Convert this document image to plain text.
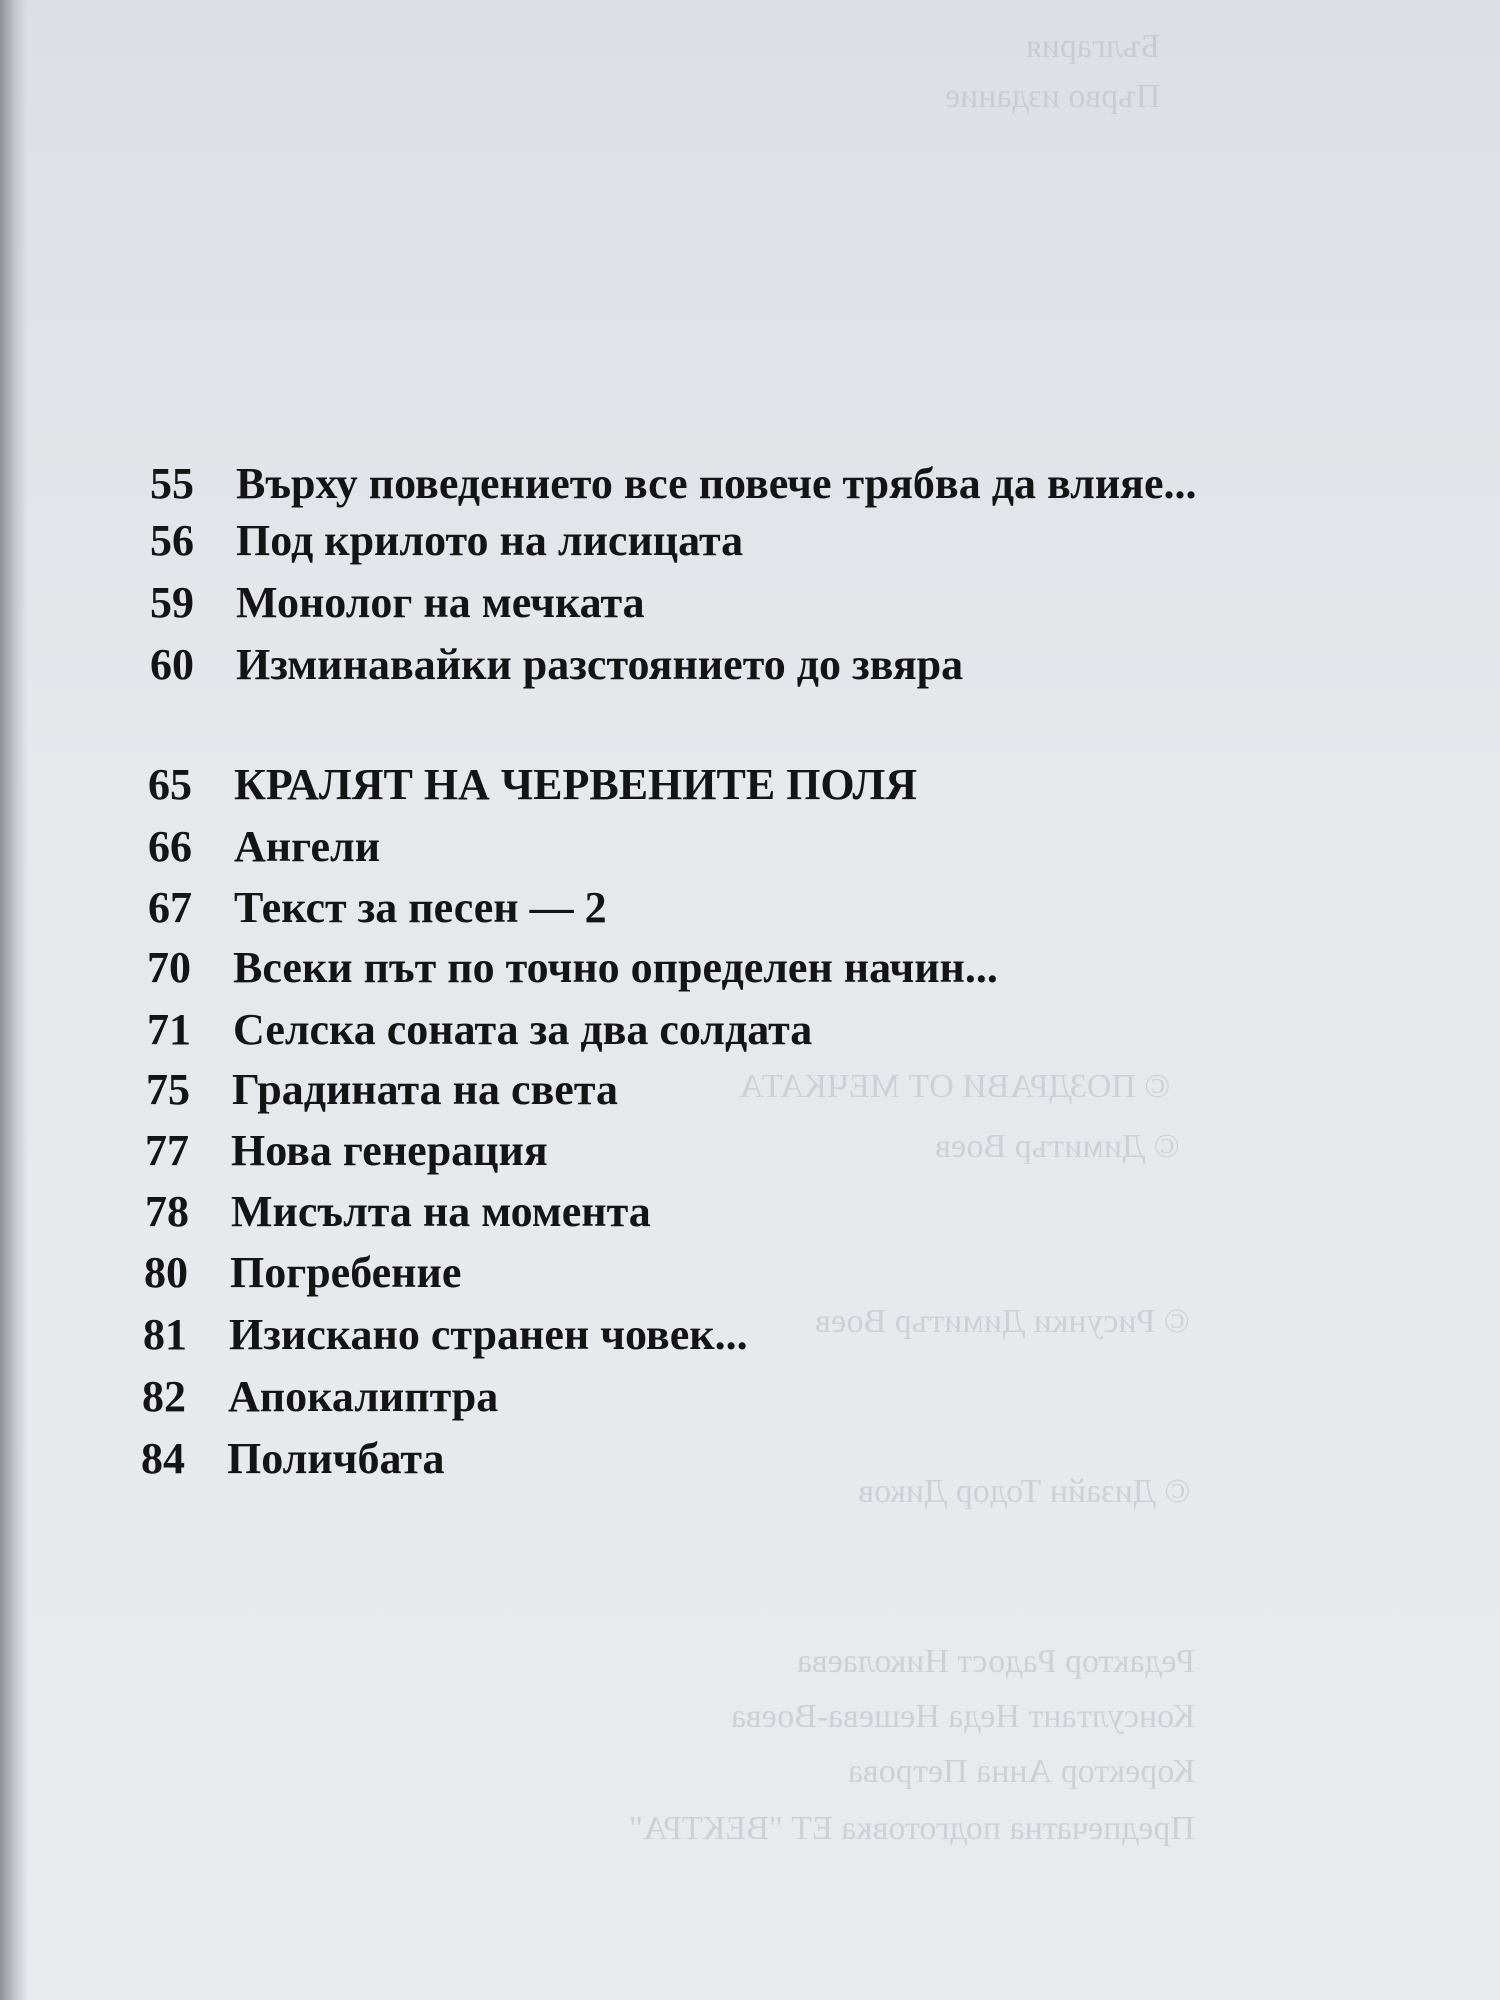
България
Първо издание
© ПОЗДРАВИ ОТ МЕЧКАТА
© Димитър Воев
© Рисунки Димитър Воев
© Дизайн Тодор Диков
Редактор Радост Николаева
Консултант Неда Нешева-Воева
Коректор Анна Петрова
Предпечатна подготовка ЕТ "ВЕКТРА"
55 Върху поведението все повече трябва да влияе...
56 Под крилото на лисицата
59 Монолог на мечката
60 Изминавайки разстоянието до звяра
65 КРАЛЯТ НА ЧЕРВЕНИТЕ ПОЛЯ
66 Ангели
67 Текст за песен — 2
70 Всеки път по точно определен начин...
71 Селска соната за два солдата
75 Градината на света
77 Нова генерация
78 Мисълта на момента
80 Погребение
81 Изискано странен човек...
82 Апокалиптра
84 Поличбата
